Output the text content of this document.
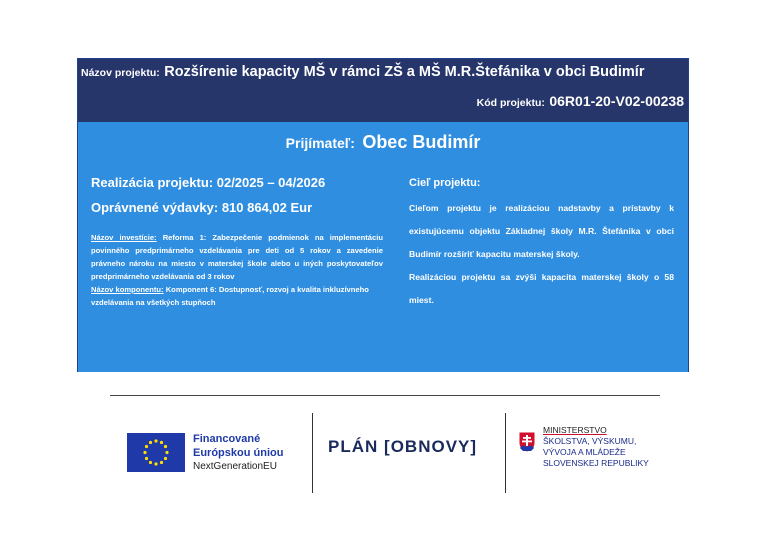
Názov projektu: Rozšírenie kapacity MŠ v rámci ZŠ a MŠ M.R.Štefánika v obci Budimír
Kód projektu: 06R01-20-V02-00238
Prijímateľ: Obec Budimír
Realizácia projektu: 02/2025 – 04/2026
Oprávnené výdavky: 810 864,02 Eur
Názov investície: Reforma 1: Zabezpečenie podmienok na implementáciu povinného predprimárneho vzdelávania pre deti od 5 rokov a zavedenie právneho nároku na miesto v materskej škole alebo u iných poskytovateľov predprimárneho vzdelávania od 3 rokov
Názov komponentu: Komponent 6: Dostupnosť, rozvoj a kvalita inkluzívneho vzdelávania na všetkých stupňoch
Cieľ projektu:
Cieľom projektu je realizáciou nadstavby a prístavby k existujúcemu objektu Základnej školy M.R. Štefánika v obci Budimír rozšíriť kapacitu materskej školy.
Realizáciou projektu sa zvýši kapacita materskej školy o 58 miest.
Financované
Európskou úniou
NextGenerationEU
PLÁN [OBNOVY]
MINISTERSTVO
ŠKOLSTVA, VÝSKUMU,
VÝVOJA A MLÁDEŽE
SLOVENSKEJ REPUBLIKY
